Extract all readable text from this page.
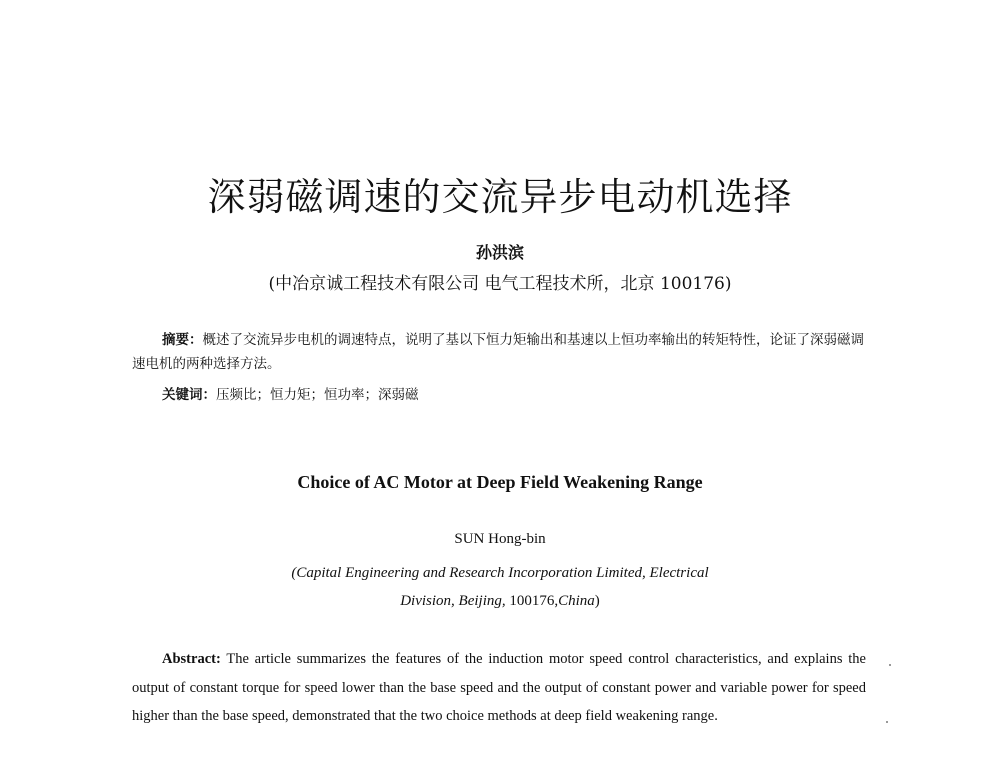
深弱磁调速的交流异步电动机选择
孙洪滨
(中冶京诚工程技术有限公司 电气工程技术所，北京 100176)
摘要：概述了交流异步电机的调速特点，说明了基以下恒力矩输出和基速以上恒功率输出的转矩特性，论证了深弱磁调速电机的两种选择方法。
关键词：压频比；恒力矩；恒功率；深弱磁
Choice of AC Motor at Deep Field Weakening Range
SUN Hong-bin
(Capital Engineering and Research Incorporation Limited, Electrical
Division, Beijing, 100176,China)
Abstract: The article summarizes the features of the induction motor speed control characteristics, and explains the output of constant torque for speed lower than the base speed and the output of constant power and variable power for speed higher than the base speed, demonstrated that the two choice methods at deep field weakening range.
